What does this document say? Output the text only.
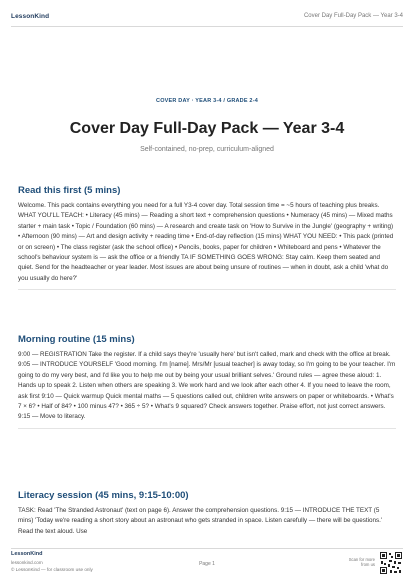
LessonKind	Cover Day Full-Day Pack — Year 3-4
COVER DAY · YEAR 3-4 / GRADE 2-4
Cover Day Full-Day Pack — Year 3-4
Self-contained, no-prep, curriculum-aligned
Read this first (5 mins)
Welcome. This pack contains everything you need for a full Y3-4 cover day. Total session time = ~5 hours of teaching plus breaks. WHAT YOU'LL TEACH: • Literacy (45 mins) — Reading a short text + comprehension questions • Numeracy (45 mins) — Mixed maths starter + main task • Topic / Foundation (60 mins) — A research and create task on 'How to Survive in the Jungle' (geography + writing) • Afternoon (90 mins) — Art and design activity + reading time • End-of-day reflection (15 mins) WHAT YOU NEED: • This pack (printed or on screen) • The class register (ask the school office) • Pencils, books, paper for children • Whiteboard and pens • Whatever the school's behaviour system is — ask the office or a friendly TA IF SOMETHING GOES WRONG: Stay calm. Keep them seated and quiet. Send for the headteacher or year leader. Most issues are about being unsure of routines — when in doubt, ask a child 'what do you usually do here?'
Morning routine (15 mins)
9:00 — REGISTRATION Take the register. If a child says they're 'usually here' but isn't called, mark and check with the office at break. 9:05 — INTRODUCE YOURSELF 'Good morning. I'm [name]. Mrs/Mr [usual teacher] is away today, so I'm going to be your teacher. I'm going to do my very best, and I'd like you to help me out by being your usual brilliant selves.' Ground rules — agree these aloud: 1. Hands up to speak 2. Listen when others are speaking 3. We work hard and we look after each other 4. If you need to leave the room, ask first 9:10 — Quick warmup Quick mental maths — 5 questions called out, children write answers on paper or whiteboards. • What's 7 × 6? • Half of 84? • 100 minus 47? • 365 ÷ 5? • What's 9 squared? Check answers together. Praise effort, not just correct answers. 9:15 — Move to literacy.
Literacy session (45 mins, 9:15-10:00)
TASK: Read 'The Stranded Astronaut' (text on page 6). Answer the comprehension questions. 9:15 — INTRODUCE THE TEXT (5 mins) 'Today we're reading a short story about an astronaut who gets stranded in space. Listen carefully — there will be questions.' Read the text aloud. Use
LessonKind
lessonkind.com
© LessonKind — for classroom use only
Page 1
Scan for more from us
